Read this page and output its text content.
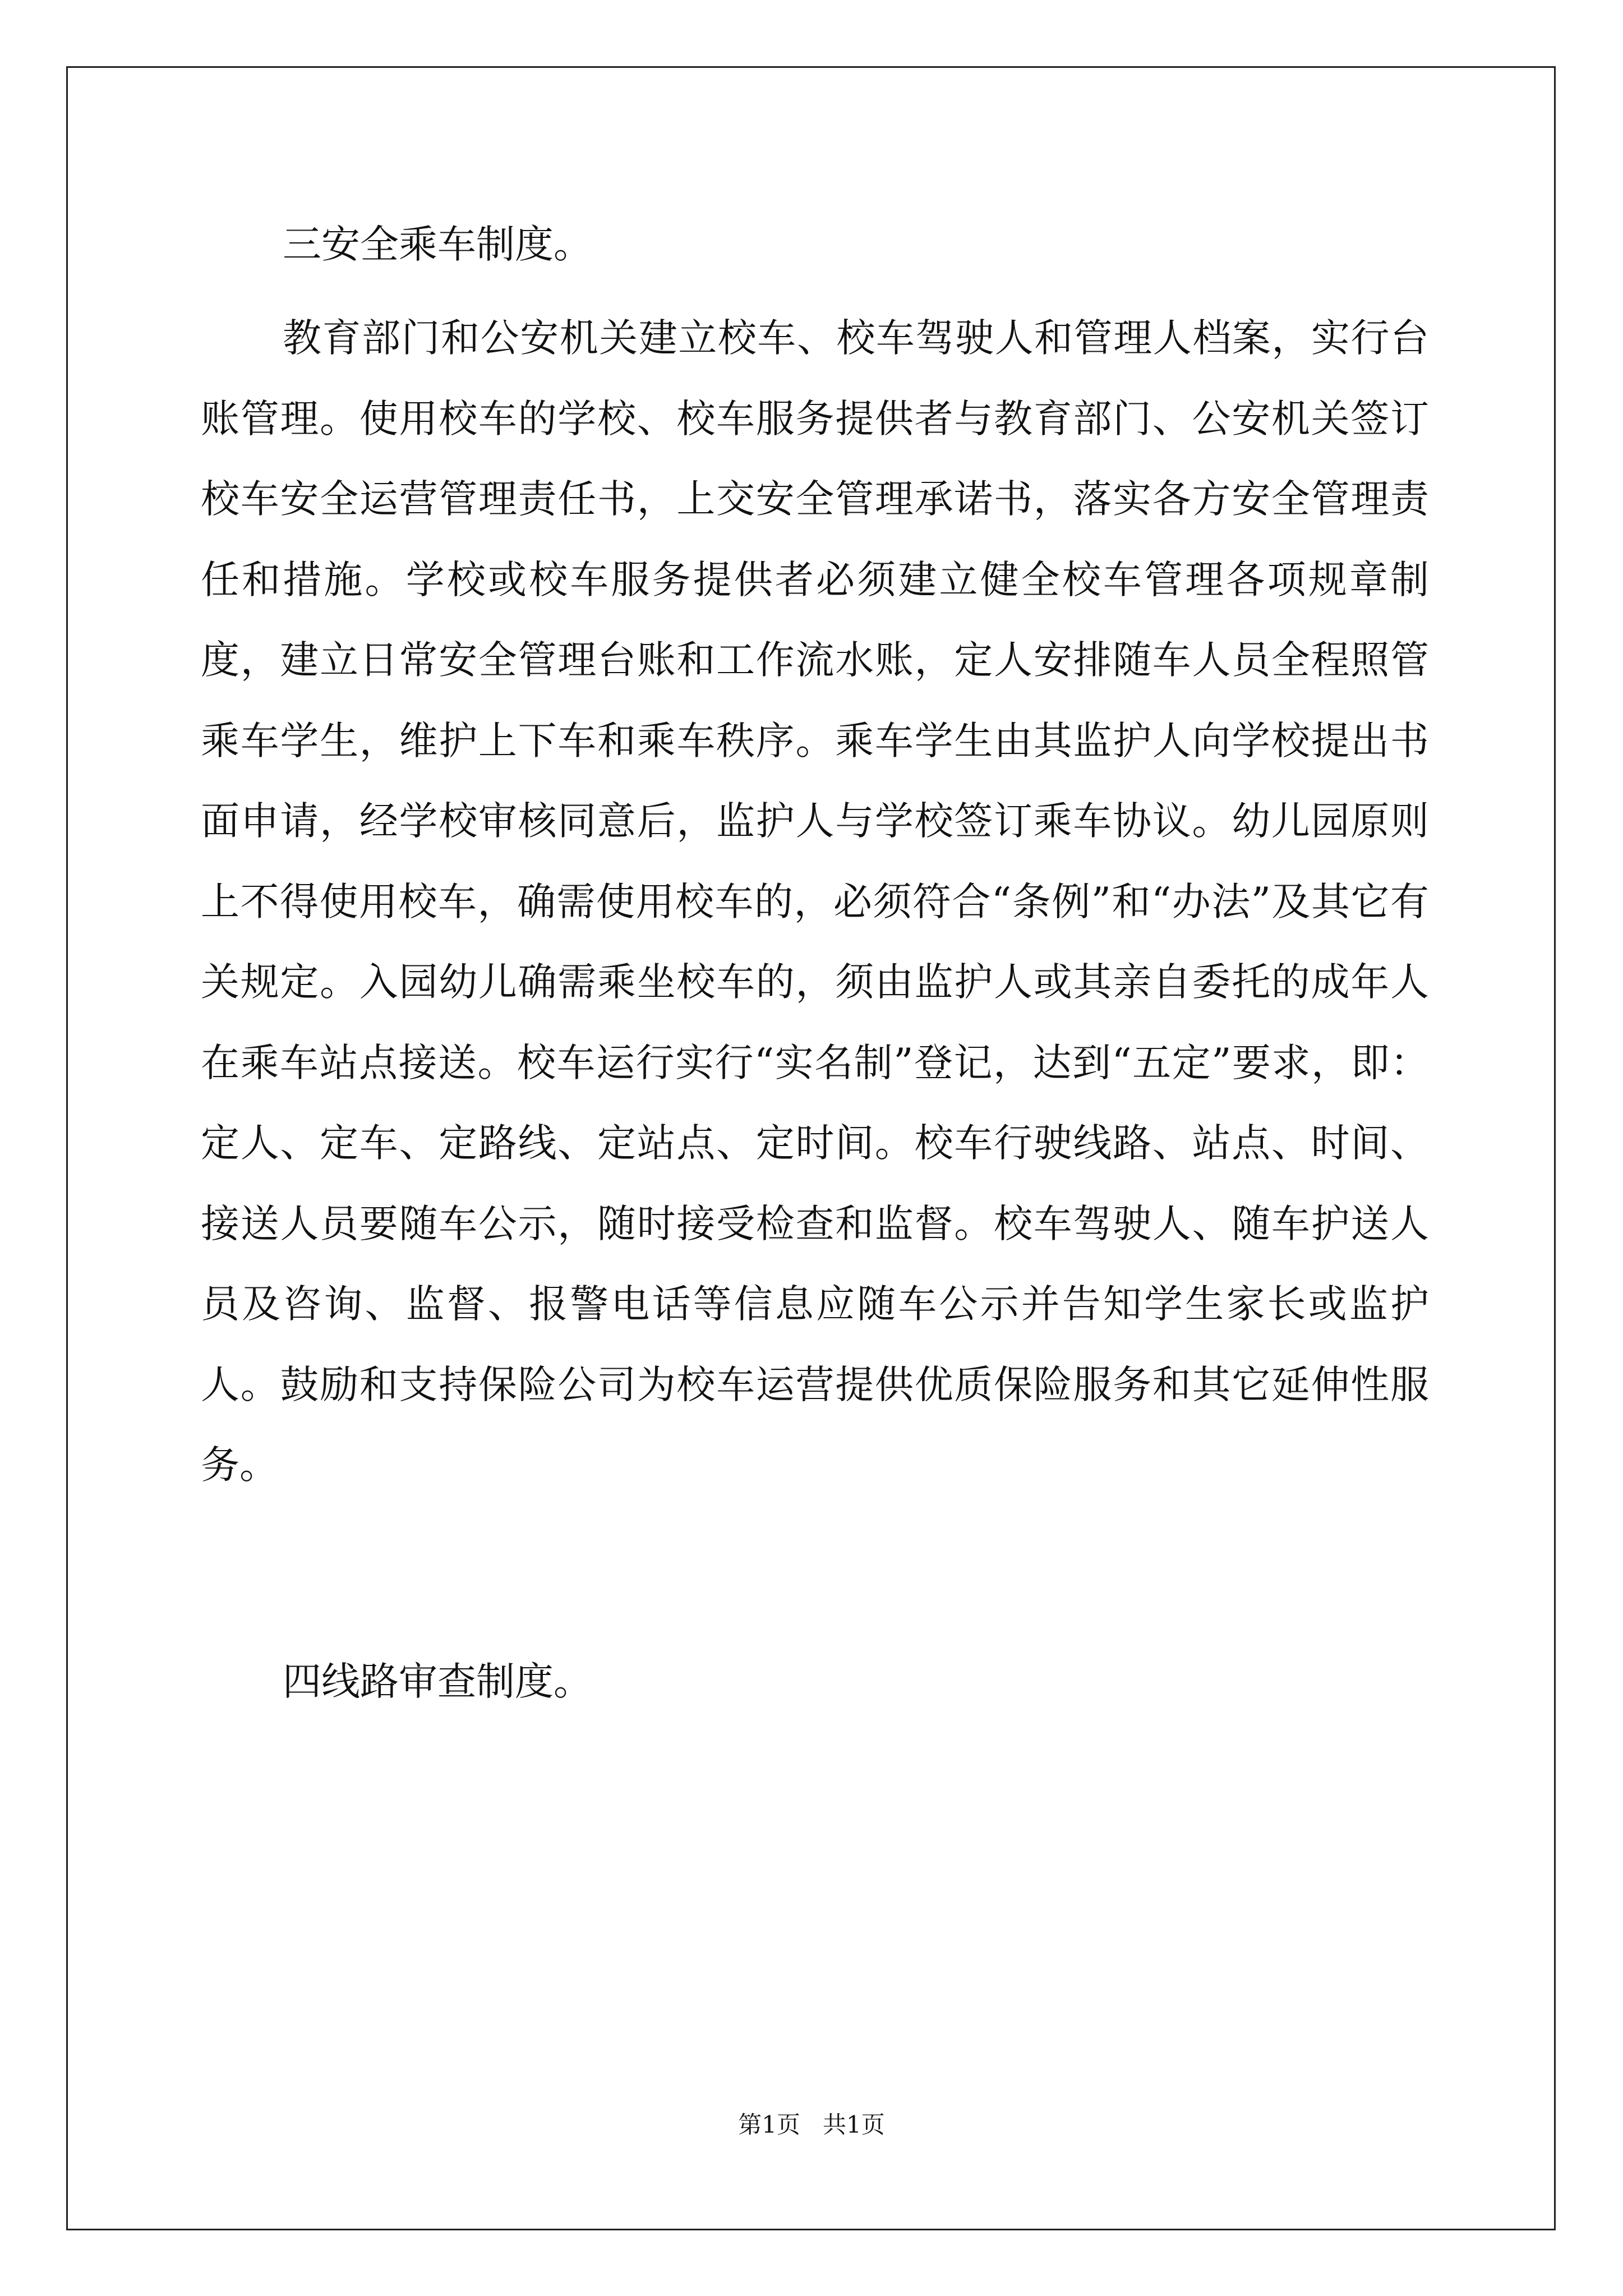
三安全乘车制度。

教育部门和公安机关建立校车、校车驾驶人和管理人档案，实行台账管理。使用校车的学校、校车服务提供者与教育部门、公安机关签订校车安全运营管理责任书，上交安全管理承诺书，落实各方安全管理责任和措施。学校或校车服务提供者必须建立健全校车管理各项规章制度，建立日常安全管理台账和工作流水账，定人安排随车人员全程照管乘车学生，维护上下车和乘车秩序。乘车学生由其监护人向学校提出书面申请，经学校审核同意后，监护人与学校签订乘车协议。幼儿园原则上不得使用校车，确需使用校车的，必须符合“条例”和“办法”及其它有关规定。入园幼儿确需乘坐校车的，须由监护人或其亲自委托的成年人在乘车站点接送。校车运行实行“实名制”登记，达到“五定”要求，即：定人、定车、定路线、定站点、定时间。校车行驶线路、站点、时间、接送人员要随车公示，随时接受检查和监督。校车驾驶人、随车护送人员及咨询、监督、报警电话等信息应随车公示并告知学生家长或监护人。鼓励和支持保险公司为校车运营提供优质保险服务和其它延伸性服务。

四线路审查制度。
第1页   共1页
